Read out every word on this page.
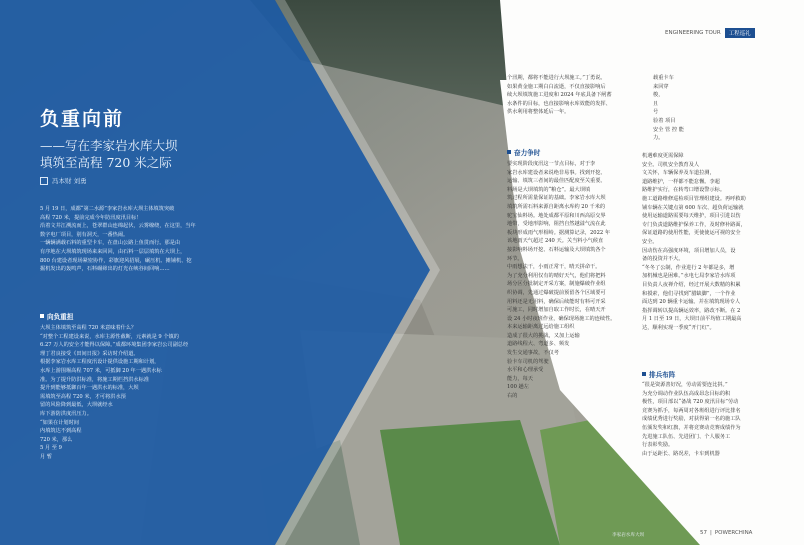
ENGINEERING TOUR	工程巡礼
负重向前
——写在李家岩水库大坝
填筑至高程 720 米之际
冯本财 刘勇
5 月 19 日，成都“第二水源”李家岩水库大坝主体填筑突破
高程 720 米，提前完成今年防汛度汛目标！
沿着文井江溯流而上，苍翠群山连绵起伏，云雾缭绕，在这里，当年
数字电厂项目，别有洞天，一番热闹。
一辆辆满载石料的重型卡车，在盘山公路上鱼贯而行。那是由
有序地在大坝填筑现场来来回回，由石料一层层填筑在大坝上，
800 台建设者现场紧密协作，彩旗迎风招展，碾压机、摊铺机、挖
掘机发出的轰鸣声，石料碾筛出的灯光在峡谷间回响……
向负重担
大坝主体填筑至高程 720 米意味着什么？
“对整个工程建设来说，水库主源性截断，元素就是 9 个镇的
6.27 万人的安全才能得以保障。”成都环境集团李家岩公司副总经
理丁君良接受《田间日报》采访时介绍道。
根据李家岩水库工程度汛设计提供设施工期和计划，
水库上游围堰高程 707 米，可抵御 20 年一遇洪水标
准。为了提升防洪标准，将施工期栏挡洪水标准
提升到能够抵御百年一遇洪水的标准，大坝
需填筑至高程 720 米，才可将洪水预
留的风险降到最低，大坝就经水
库下游防洪度汛压力。
“如果在计划时间
内填筑达不到高程
720 米，那么
5 月 至 9
月 暂
个汛期，都将不能进行大坝施工。”丁勇说。
如果黄金施工期白白流逝，不仅直接影响后
续大坝填筑施工进度和 2024 年底具备下闸蓄
水条件的目标，也直接影响水库效能的发挥、
供水利用将整体延后一年。
奋力争时
要实现阶段度汛这一节点目标，对于李
家岩水库建设者来说绝非易事。找到开挖、
运输、填筑三者间的最佳匹配度至关重要。
料场是大坝填筑的“粮仓”。最大坝填
筑过程所需量保证的基础。李家岩水库大坝
填筑所需石料来源自距离水库约 20 千米的
驼宝仙料场。地处成都平原和川西高原交界
地带，受地形影响，阻挡自然越溢气流在此
板块形成雨气形相峙。据测算记录，2022 年
该地雨天气超过 240 天。关当料小气候直
接影响料场开挖、石料运输及大坝填筑各个
环节。
中雨想法干，小雨正常干，晴天拼命干。
为了充分利用仅有的晴好天气，他们将把料
场分区分批制定开采方案，制施爆破作业组
织协调，先通过爆破提前预留各个区域要可
用料还是无用料，确保后续能时有料可开采
可施工，同时增加自取工作时长，在晴天开
设 24 小时夜班作业，确保现场施工的连续性。
本来运输距离过远给施工组织
造成了很大的挑战，又加上运输
道路线程大、弯道多、频发
发生交通事故，不仅考
验卡车司机的驾驶
水平和心理承受
能力，每天
100 趟左
右的
载重卡车
来回穿
梭，
且
号
验着 项目
安全 管 控 能
力。
机遇难度更需保障
安全。司机安全教育及人
文关怀，车辆保养及车道拉测，
道路维护，一样都不能怠懈。李超
路维护实行，在转弯口增设警示标。
施工道路维修巡检项目管理组建设。再呼救助
铺车辆在关键点第 600 车次、超负荷运输就
使用运输道路需要每天维护，项目引进以伤
专门负责道路维护保养工作，及时修补路面，
保证道路的使用性能，更使使运可视的安全
安全。
因动伤在高强度环境，项目增加人员，设
备的投资并不大。
“冬冬了公制，作业进行 2 年都是多，增
加机械也是困难。”水电七局李家岩水库项
目负责人夜禅介绍，经过开展大数精的积累
和摸索，他们寻找到“腊缺脚”，一个作业
面达到 20 辆重卡运输。并在填筑现场专人
指挥调转以提高辆运效率，路改不断。在 2
月 1 日至 19 日，大坝日前平均值工期最高
达，顺利实现一季度“开门红”。
排兵布阵
“很是资源善好况，劳动需要连比拼。”
为充分调动作业队伍高成昂念目标的积
极性，项目部以“备战 720 度汛目标”劳动
竞赛为抓手，每两周对各班组进行评比排名
成绩优秀进行奖励，对获得第一名的施工队
伍颁发奖和红旗，并将竞赛动竞赛成绩作为
先进施工队伍、先进团门、个人服务工
行表彰奖励。
由于运距长、路况差，卡车到机器
李家岩水库大坝	57 | POWERCHINA
